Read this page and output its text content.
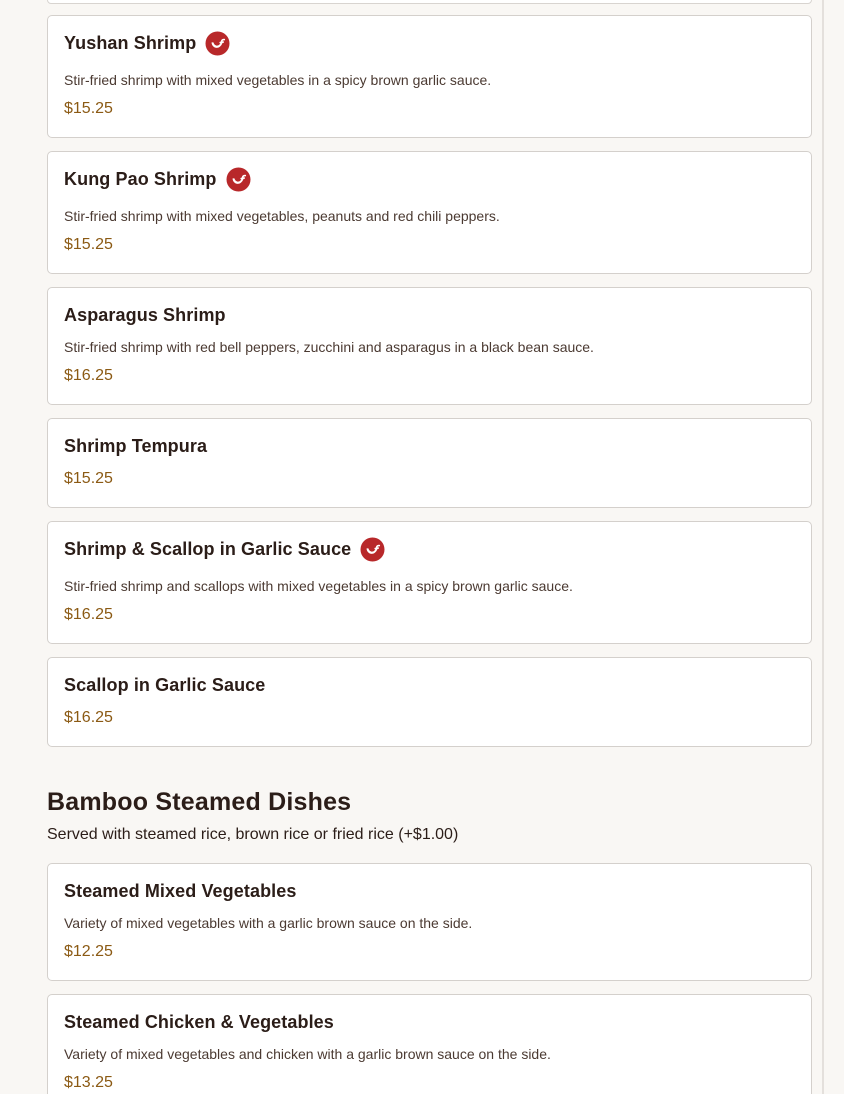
Yushan Shrimp
Stir-fried shrimp with mixed vegetables in a spicy brown garlic sauce.
$15.25
Kung Pao Shrimp
Stir-fried shrimp with mixed vegetables, peanuts and red chili peppers.
$15.25
Asparagus Shrimp
Stir-fried shrimp with red bell peppers, zucchini and asparagus in a black bean sauce.
$16.25
Shrimp Tempura
$15.25
Shrimp & Scallop in Garlic Sauce
Stir-fried shrimp and scallops with mixed vegetables in a spicy brown garlic sauce.
$16.25
Scallop in Garlic Sauce
$16.25
Bamboo Steamed Dishes
Served with steamed rice, brown rice or fried rice (+$1.00)
Steamed Mixed Vegetables
Variety of mixed vegetables with a garlic brown sauce on the side.
$12.25
Steamed Chicken & Vegetables
Variety of mixed vegetables and chicken with a garlic brown sauce on the side.
$13.25
